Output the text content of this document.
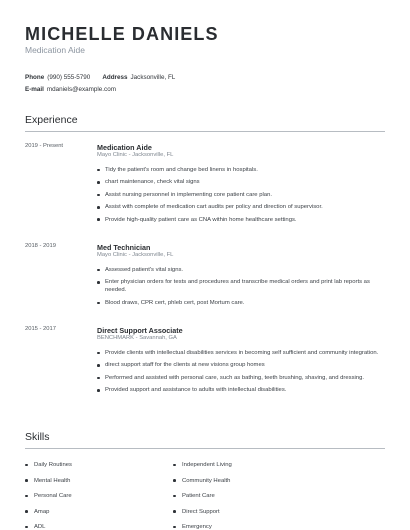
MICHELLE DANIELS
Medication Aide
Phone (990) 555-5790 Address Jacksonville, FL
E-mail mdaniels@example.com
Experience
2019 - Present	Medication Aide
Mayo Clinic - Jacksonville, FL
Tidy the patient's room and change bed linens in hospitals.
chart maintenance, check vital signs
Assist nursing personnel in implementing core patient care plan.
Assist with complete of medication cart audits per policy and direction of supervisor.
Provide high-quality patient care as CNA within home healthcare settings.
2018 - 2019	Med Technician
Mayo Clinic - Jacksonville, FL
Assessed patient's vital signs.
Enter physician orders for tests and procedures and transcribe medical orders and print lab reports as needed.
Blood draws, CPR cert, phleb cert, post Mortum care.
2015 - 2017	Direct Support Associate
BENCHMARK - Savannah, GA
Provide clients with intellectual disabilities services in becoming self sufficient and community integration.
direct support staff for the clients at new visions group homes
Performed and assisted with personal care, such as bathing, teeth brushing, shaving, and dressing.
Provided support and assistance to adults with intellectual disabilities.
Skills
Daily Routines
Mental Health
Personal Care
Amap
ADL
Independent Living
Community Health
Patient Care
Direct Support
Emergency
